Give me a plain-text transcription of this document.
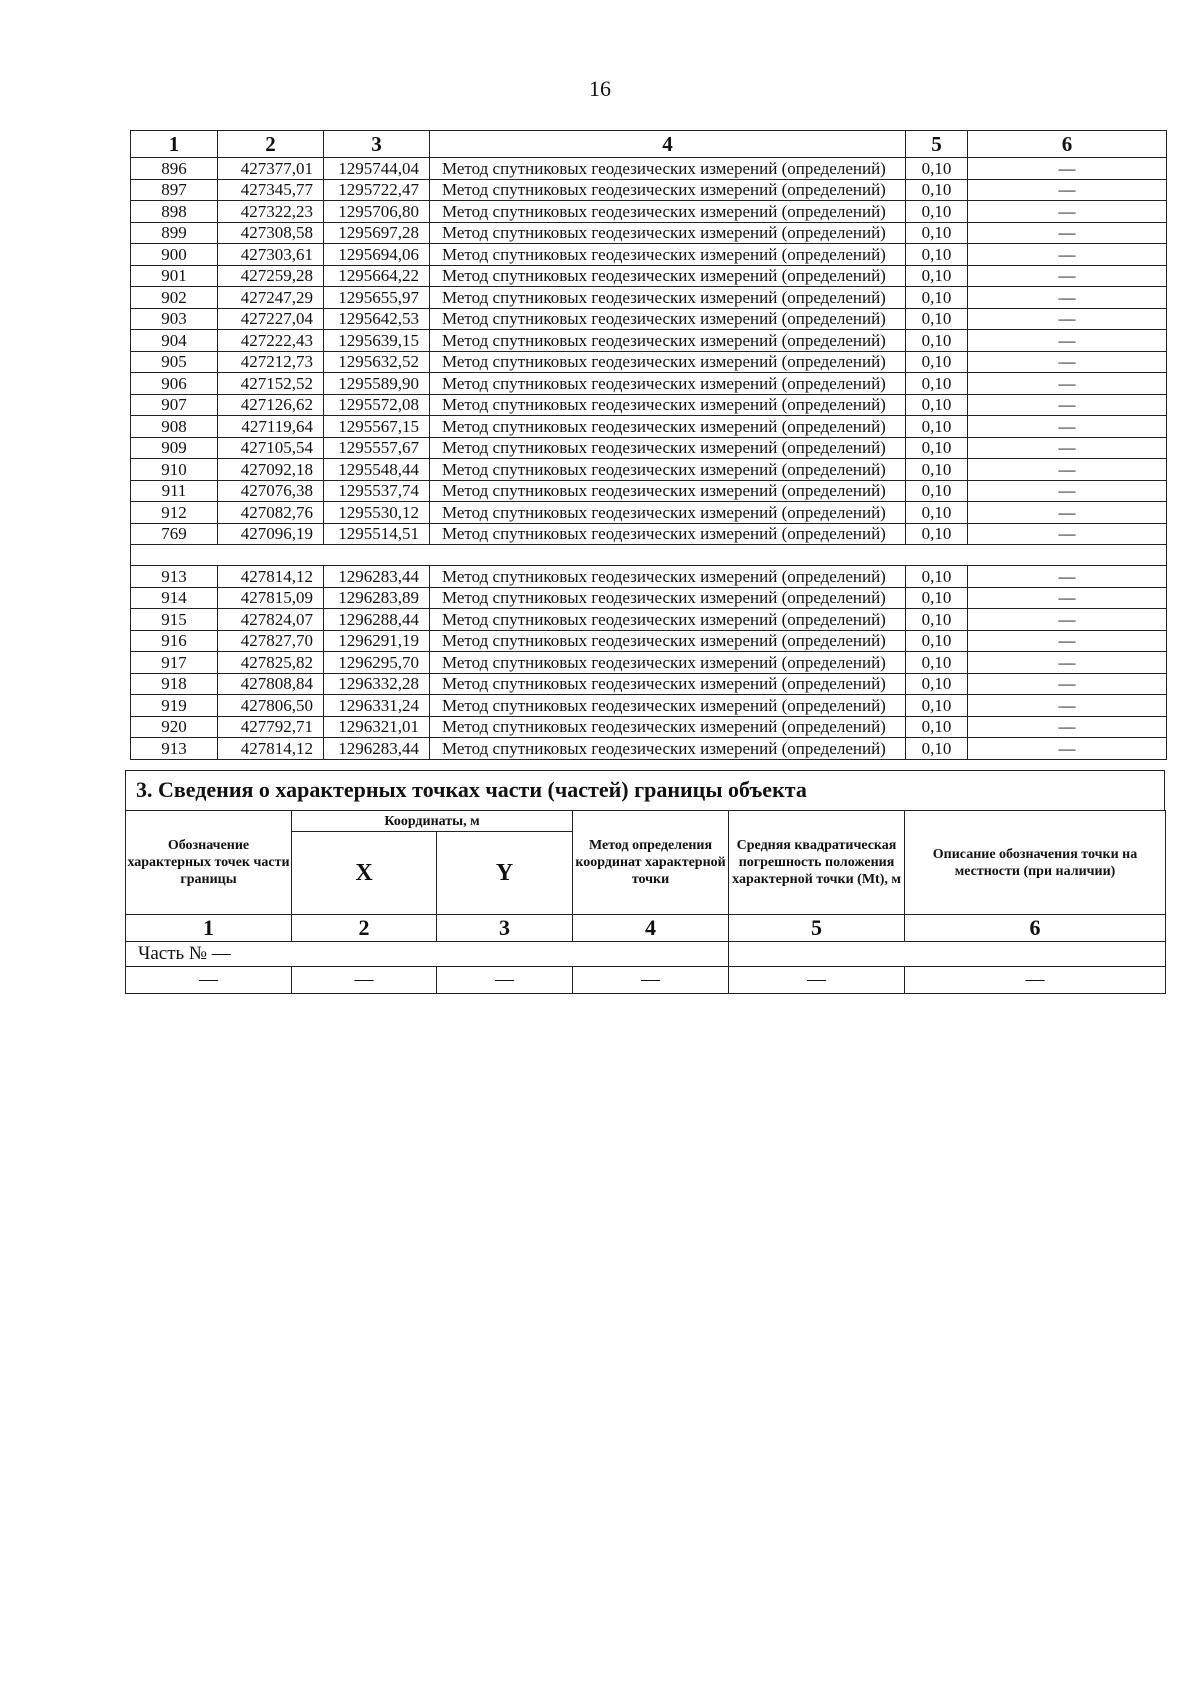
16
1	2	3	4	5	6
896	427377,01	1295744,04	Метод спутниковых геодезических измерений (определений)	0,10	—
897	427345,77	1295722,47	Метод спутниковых геодезических измерений (определений)	0,10	—
898	427322,23	1295706,80	Метод спутниковых геодезических измерений (определений)	0,10	—
899	427308,58	1295697,28	Метод спутниковых геодезических измерений (определений)	0,10	—
900	427303,61	1295694,06	Метод спутниковых геодезических измерений (определений)	0,10	—
901	427259,28	1295664,22	Метод спутниковых геодезических измерений (определений)	0,10	—
902	427247,29	1295655,97	Метод спутниковых геодезических измерений (определений)	0,10	—
903	427227,04	1295642,53	Метод спутниковых геодезических измерений (определений)	0,10	—
904	427222,43	1295639,15	Метод спутниковых геодезических измерений (определений)	0,10	—
905	427212,73	1295632,52	Метод спутниковых геодезических измерений (определений)	0,10	—
906	427152,52	1295589,90	Метод спутниковых геодезических измерений (определений)	0,10	—
907	427126,62	1295572,08	Метод спутниковых геодезических измерений (определений)	0,10	—
908	427119,64	1295567,15	Метод спутниковых геодезических измерений (определений)	0,10	—
909	427105,54	1295557,67	Метод спутниковых геодезических измерений (определений)	0,10	—
910	427092,18	1295548,44	Метод спутниковых геодезических измерений (определений)	0,10	—
911	427076,38	1295537,74	Метод спутниковых геодезических измерений (определений)	0,10	—
912	427082,76	1295530,12	Метод спутниковых геодезических измерений (определений)	0,10	—
769	427096,19	1295514,51	Метод спутниковых геодезических измерений (определений)	0,10	—

913	427814,12	1296283,44	Метод спутниковых геодезических измерений (определений)	0,10	—
914	427815,09	1296283,89	Метод спутниковых геодезических измерений (определений)	0,10	—
915	427824,07	1296288,44	Метод спутниковых геодезических измерений (определений)	0,10	—
916	427827,70	1296291,19	Метод спутниковых геодезических измерений (определений)	0,10	—
917	427825,82	1296295,70	Метод спутниковых геодезических измерений (определений)	0,10	—
918	427808,84	1296332,28	Метод спутниковых геодезических измерений (определений)	0,10	—
919	427806,50	1296331,24	Метод спутниковых геодезических измерений (определений)	0,10	—
920	427792,71	1296321,01	Метод спутниковых геодезических измерений (определений)	0,10	—
913	427814,12	1296283,44	Метод спутниковых геодезических измерений (определений)	0,10	—
3. Сведения о характерных точках части (частей) границы объекта
Обозначение характерных точек части границы	Координаты, м		Метод определения координат характерной точки	Средняя квадратическая погрешность положения характерной точки (Mt), м	Описание обозначения точки на местности (при наличии)
	X	Y			
1	2	3	4	5	6
Часть № —					
—	—	—	—	—	—
